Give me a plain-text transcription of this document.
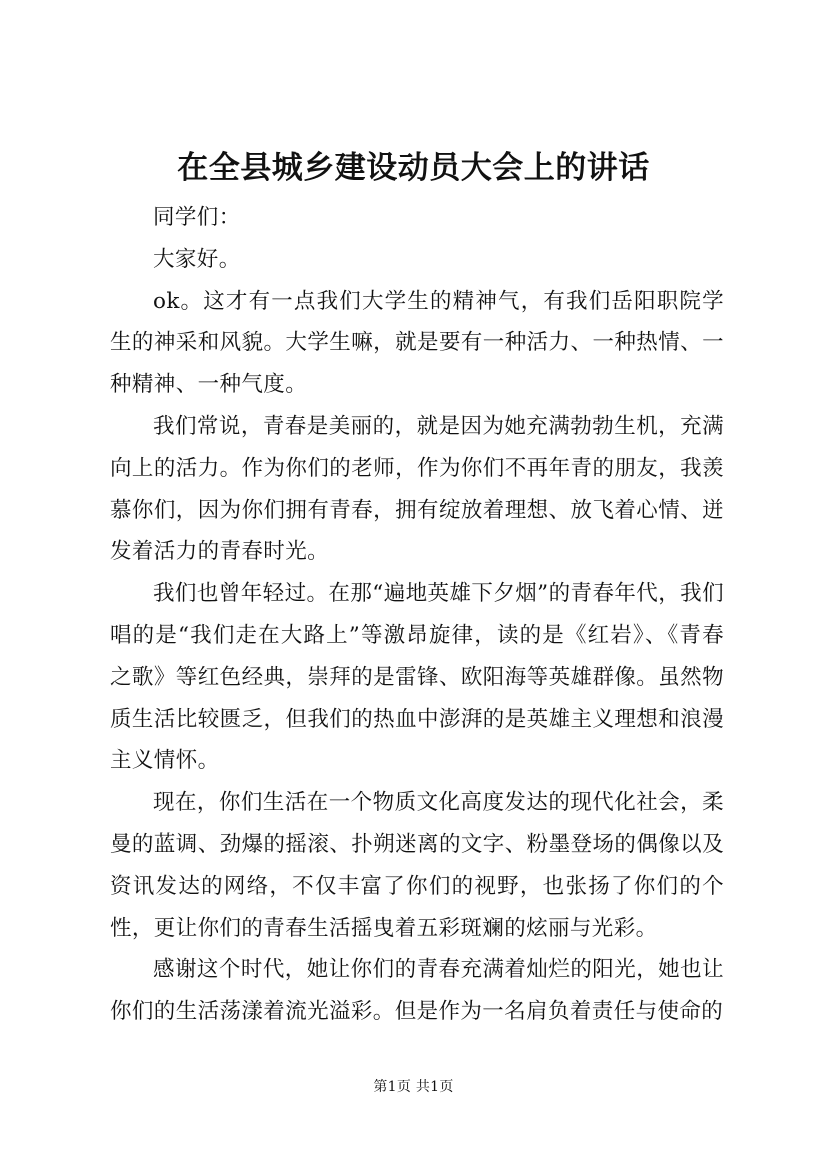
在全县城乡建设动员大会上的讲话

同学们：

大家好。

ok。这才有一点我们大学生的精神气，有我们岳阳职院学生的神采和风貌。大学生嘛，就是要有一种活力、一种热情、一种精神、一种气度。

我们常说，青春是美丽的，就是因为她充满勃勃生机，充满向上的活力。作为你们的老师，作为你们不再年青的朋友，我羡慕你们，因为你们拥有青春，拥有绽放着理想、放飞着心情、迸发着活力的青春时光。

我们也曾年轻过。在那“遍地英雄下夕烟”的青春年代，我们唱的是“我们走在大路上”等激昂旋律，读的是《红岩》、《青春之歌》等红色经典，崇拜的是雷锋、欧阳海等英雄群像。虽然物质生活比较匮乏，但我们的热血中澎湃的是英雄主义理想和浪漫主义情怀。

现在，你们生活在一个物质文化高度发达的现代化社会，柔曼的蓝调、劲爆的摇滚、扑朔迷离的文字、粉墨登场的偶像以及资讯发达的网络，不仅丰富了你们的视野，也张扬了你们的个性，更让你们的青春生活摇曳着五彩斑斓的炫丽与光彩。

感谢这个时代，她让你们的青春充满着灿烂的阳光，她也让你们的生活荡漾着流光溢彩。但是作为一名肩负着责任与使命的

第1页 共1页
